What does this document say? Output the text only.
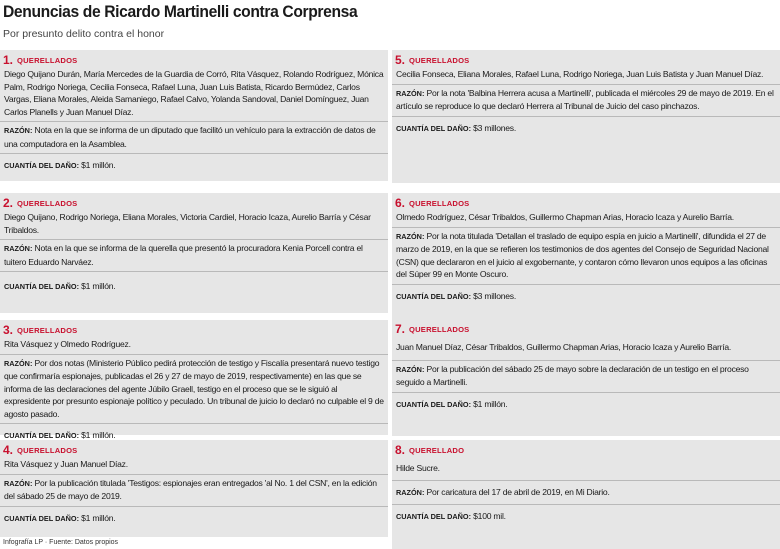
Denuncias de Ricardo Martinelli contra Corprensa
Por presunto delito contra el honor
1. QUERELLADOS
Diego Quijano Durán, María Mercedes de la Guardia de Corró, Rita Vásquez, Rolando Rodríguez, Mónica Palm, Rodrigo Noriega, Cecilia Fonseca, Rafael Luna, Juan Luis Batista, Ricardo Bermúdez, Carlos Vargas, Eliana Morales, Aleida Samaniego, Rafael Calvo, Yolanda Sandoval, Daniel Domínguez, Juan Carlos Planells y Juan Manuel Díaz.
RAZÓN: Nota en la que se informa de un diputado que facilitó un vehículo para la extracción de datos de una computadora en la Asamblea.
CUANTÍA DEL DAÑO: $1 millón.
2. QUERELLADOS
Diego Quijano, Rodrigo Noriega, Eliana Morales, Victoria Cardiel, Horacio Icaza, Aurelio Barría y César Tribaldos.
RAZÓN: Nota en la que se informa de la querella que presentó la procuradora Kenia Porcell contra el tuitero Eduardo Narváez.
CUANTÍA DEL DAÑO: $1 millón.
3. QUERELLADOS
Rita Vásquez y Olmedo Rodríguez.
RAZÓN: Por dos notas (Ministerio Público pedirá protección de testigo y Fiscalía presentará nuevo testigo que confirmaría espionajes, publicadas el 26 y 27 de mayo de 2019, respectivamente) en las que se informa de las declaraciones del agente Júbilo Graell, testigo en el proceso que se le siguió al expresidente por presunto espionaje político y peculado. Un tribunal de juicio lo declaró no culpable el 9 de agosto pasado.
CUANTÍA DEL DAÑO: $1 millón.
4. QUERELLADOS
Rita Vásquez y Juan Manuel Díaz.
RAZÓN: Por la publicación titulada 'Testigos: espionajes eran entregados 'al No. 1 del CSN', en la edición del sábado 25 de mayo de 2019.
CUANTÍA DEL DAÑO: $1 millón.
5. QUERELLADOS
Cecilia Fonseca, Eliana Morales, Rafael Luna, Rodrigo Noriega, Juan Luis Batista y Juan Manuel Díaz.
RAZÓN: Por la nota 'Balbina Herrera acusa a Martinelli', publicada el miércoles 29 de mayo de 2019. En el artículo se reproduce lo que declaró Herrera al Tribunal de Juicio del caso pinchazos.
CUANTÍA DEL DAÑO: $3 millones.
6. QUERELLADOS
Olmedo Rodríguez, César Tribaldos, Guillermo Chapman Arias, Horacio Icaza y Aurelio Barría.
RAZÓN: Por la nota titulada 'Detallan el traslado de equipo espía en juicio a Martinelli', difundida el 27 de marzo de 2019, en la que se refieren los testimonios de dos agentes del Consejo de Seguridad Nacional (CSN) que declararon en el juicio al exgobernante, y contaron cómo llevaron unos equipos a las oficinas del Súper 99 en Monte Oscuro.
CUANTÍA DEL DAÑO: $3 millones.
7. QUERELLADOS
Juan Manuel Díaz, César Tribaldos, Guillermo Chapman Arias, Horacio Icaza y Aurelio Barría.
RAZÓN: Por la publicación del sábado 25 de mayo sobre la declaración de un testigo en el proceso seguido a Martinelli.
CUANTÍA DEL DAÑO: $1 millón.
8. QUERELLADO
Hilde Sucre.
RAZÓN: Por caricatura del 17 de abril de 2019, en Mi Diario.
CUANTÍA DEL DAÑO: $100 mil.
Infografía LP · Fuente: Datos propios
